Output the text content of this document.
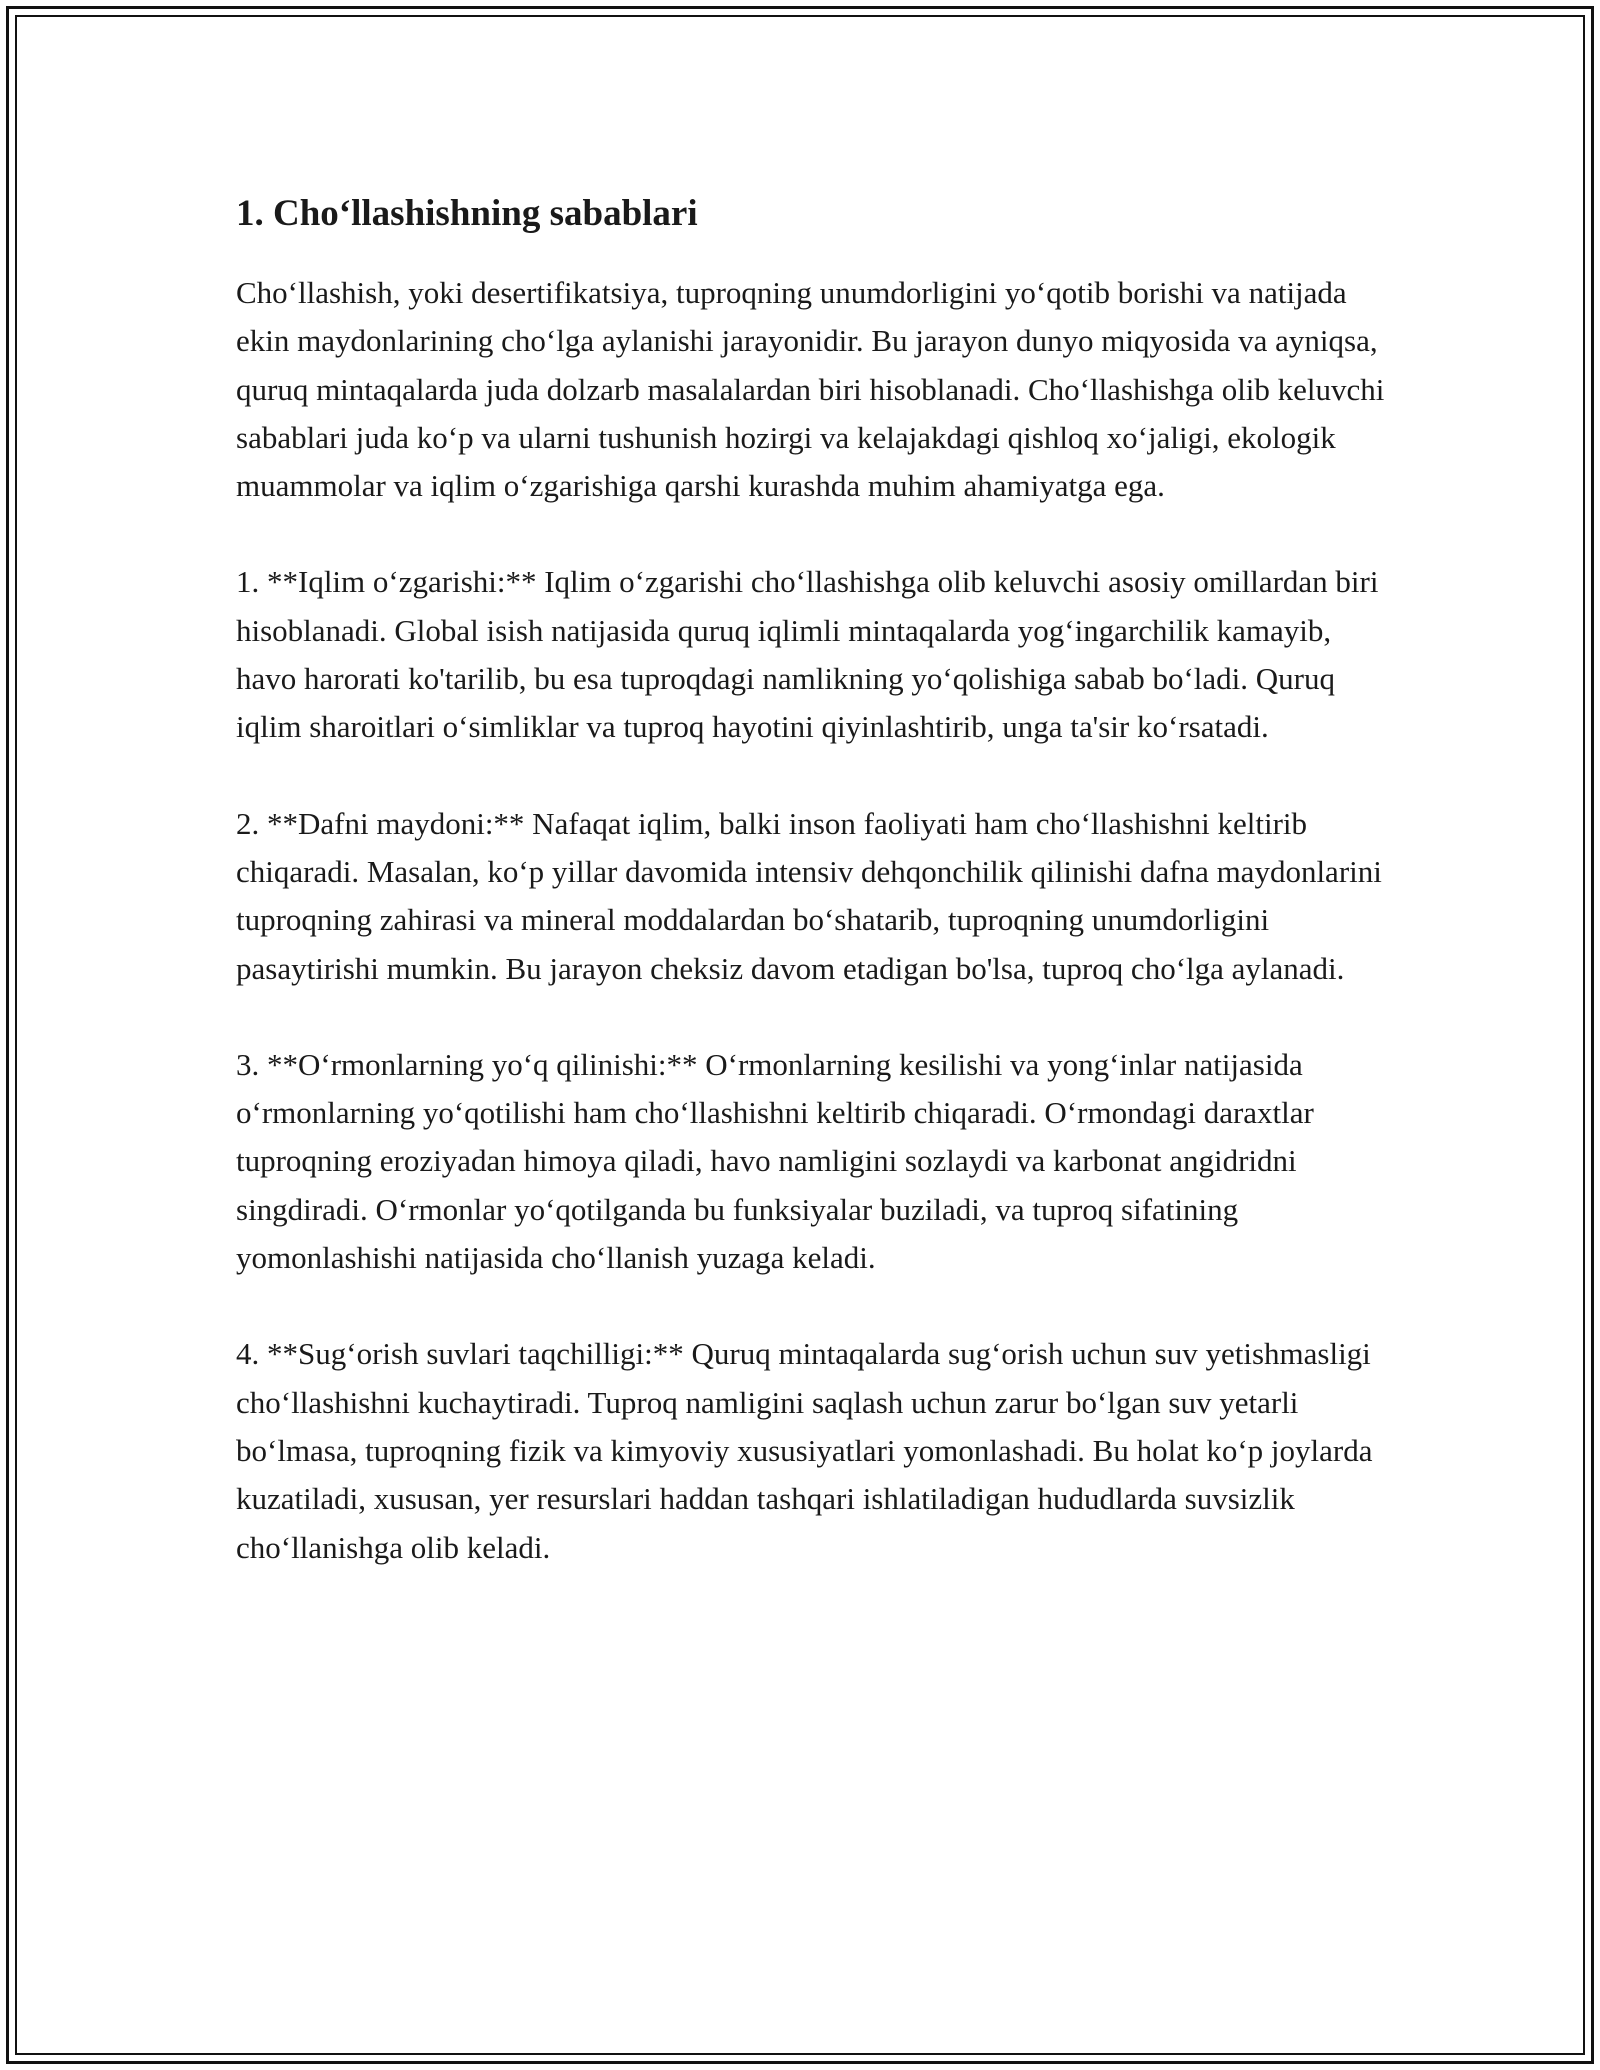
1. Cho‘llashishning sabablari

Cho‘llashish, yoki desertifikatsiya, tuproqning unumdorligini yo‘qotib borishi va natijada ekin maydonlarining cho‘lga aylanishi jarayonidir. Bu jarayon dunyo miqyosida va ayniqsa, quruq mintaqalarda juda dolzarb masalalardan biri hisoblanadi. Cho‘llashishga olib keluvchi sabablari juda ko‘p va ularni tushunish hozirgi va kelajakdagi qishloq xo‘jaligi, ekologik muammolar va iqlim o‘zgarishiga qarshi kurashda muhim ahamiyatga ega.

1. **Iqlim o‘zgarishi:** Iqlim o‘zgarishi cho‘llashishga olib keluvchi asosiy omillardan biri hisoblanadi. Global isish natijasida quruq iqlimli mintaqalarda yog‘ingarchilik kamayib, havo harorati ko'tarilib, bu esa tuproqdagi namlikning yo‘qolishiga sabab bo‘ladi. Quruq iqlim sharoitlari o‘simliklar va tuproq hayotini qiyinlashtirib, unga ta'sir ko‘rsatadi.

2. **Dafni maydoni:** Nafaqat iqlim, balki inson faoliyati ham cho‘llashishni keltirib chiqaradi. Masalan, ko‘p yillar davomida intensiv dehqonchilik qilinishi dafna maydonlarini tuproqning zahirasi va mineral moddalardan bo‘shatarib, tuproqning unumdorligini pasaytirishi mumkin. Bu jarayon cheksiz davom etadigan bo'lsa, tuproq cho‘lga aylanadi.

3. **O‘rmonlarning yo‘q qilinishi:** O‘rmonlarning kesilishi va yong‘inlar natijasida o‘rmonlarning yo‘qotilishi ham cho‘llashishni keltirib chiqaradi. O‘rmondagi daraxtlar tuproqning eroziyadan himoya qiladi, havo namligini sozlaydi va karbonat angidridni singdiradi. O‘rmonlar yo‘qotilganda bu funksiyalar buziladi, va tuproq sifatining yomonlashishi natijasida cho‘llanish yuzaga keladi.

4. **Sug‘orish suvlari taqchilligi:** Quruq mintaqalarda sug‘orish uchun suv yetishmasligi cho‘llashishni kuchaytiradi. Tuproq namligini saqlash uchun zarur bo‘lgan suv yetarli bo‘lmasa, tuproqning fizik va kimyoviy xususiyatlari yomonlashadi. Bu holat ko‘p joylarda kuzatiladi, xususan, yer resurslari haddan tashqari ishlatiladigan hududlarda suvsizlik cho‘llanishga olib keladi.
